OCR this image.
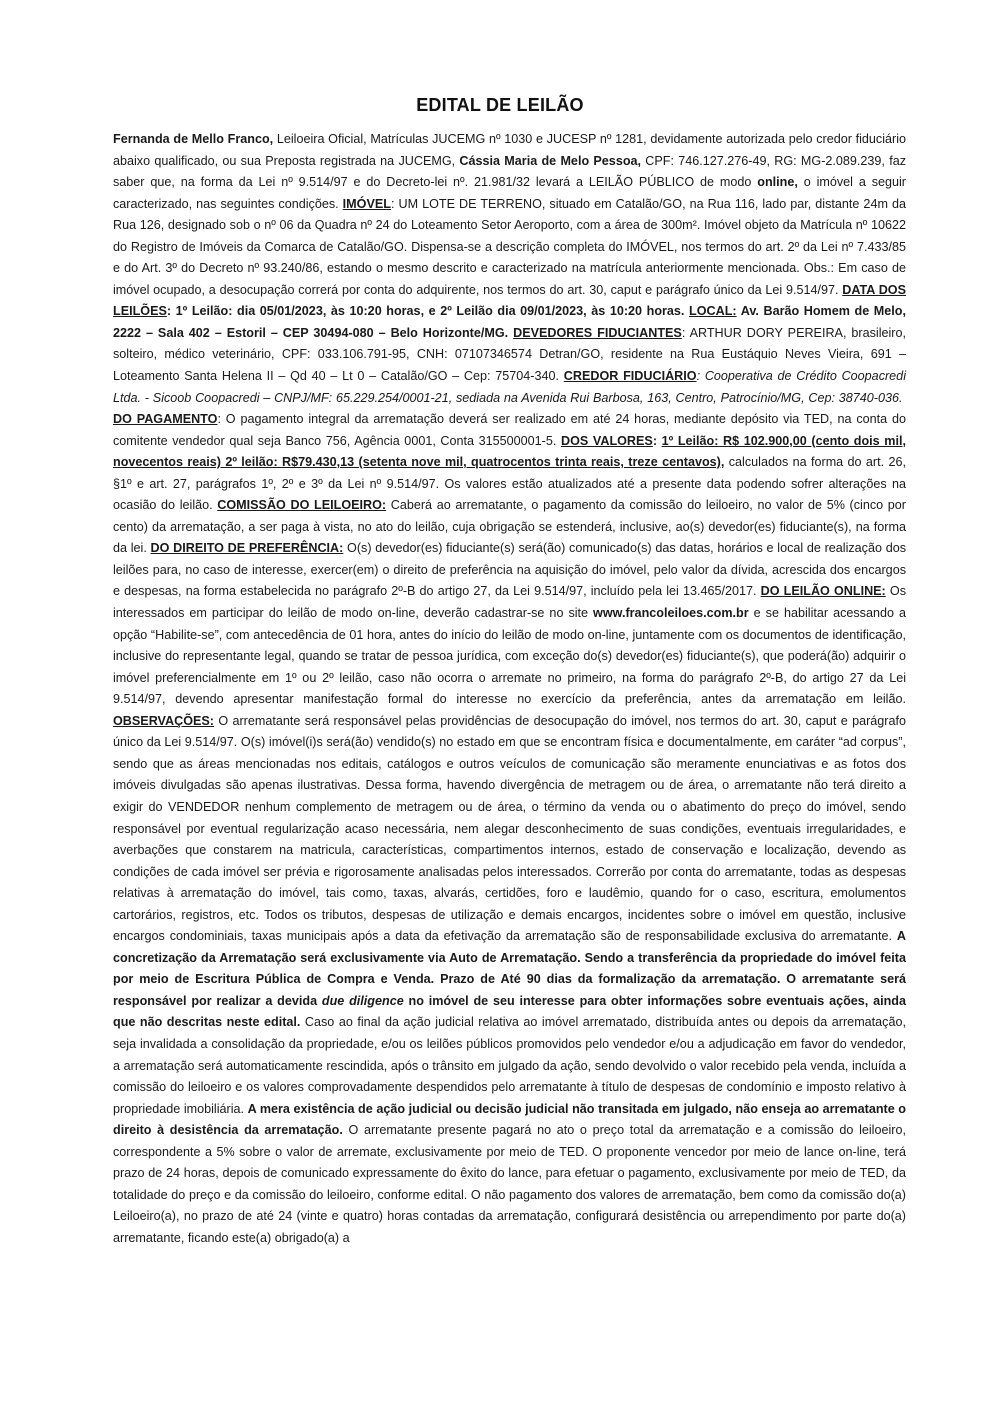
EDITAL DE LEILÃO
Fernanda de Mello Franco, Leiloeira Oficial, Matrículas JUCEMG nº 1030 e JUCESP nº 1281, devidamente autorizada pelo credor fiduciário abaixo qualificado, ou sua Preposta registrada na JUCEMG, Cássia Maria de Melo Pessoa, CPF: 746.127.276-49, RG: MG-2.089.239, faz saber que, na forma da Lei nº 9.514/97 e do Decreto-lei nº. 21.981/32 levará a LEILÃO PÚBLICO de modo online, o imóvel a seguir caracterizado, nas seguintes condições. IMÓVEL: UM LOTE DE TERRENO, situado em Catalão/GO, na Rua 116, lado par, distante 24m da Rua 126, designado sob o nº 06 da Quadra nº 24 do Loteamento Setor Aeroporto, com a área de 300m². Imóvel objeto da Matrícula nº 10622 do Registro de Imóveis da Comarca de Catalão/GO. Dispensa-se a descrição completa do IMÓVEL, nos termos do art. 2º da Lei nº 7.433/85 e do Art. 3º do Decreto nº 93.240/86, estando o mesmo descrito e caracterizado na matrícula anteriormente mencionada. Obs.: Em caso de imóvel ocupado, a desocupação correrá por conta do adquirente, nos termos do art. 30, caput e parágrafo único da Lei 9.514/97. DATA DOS LEILÕES: 1º Leilão: dia 05/01/2023, às 10:20 horas, e 2º Leilão dia 09/01/2023, às 10:20 horas. LOCAL: Av. Barão Homem de Melo, 2222 – Sala 402 – Estoril – CEP 30494-080 – Belo Horizonte/MG. DEVEDORES FIDUCIANTES: ARTHUR DORY PEREIRA, brasileiro, solteiro, médico veterinário, CPF: 033.106.791-95, CNH: 07107346574 Detran/GO, residente na Rua Eustáquio Neves Vieira, 691 – Loteamento Santa Helena II – Qd 40 – Lt 0 – Catalão/GO – Cep: 75704-340. CREDOR FIDUCIÁRIO: Cooperativa de Crédito Coopacredi Ltda. - Sicoob Coopacredi – CNPJ/MF: 65.229.254/0001-21, sediada na Avenida Rui Barbosa, 163, Centro, Patrocínio/MG, Cep: 38740-036.  DO PAGAMENTO: O pagamento integral da arrematação deverá ser realizado em até 24 horas, mediante depósito via TED, na conta do comitente vendedor qual seja Banco 756, Agência 0001, Conta 315500001-5. DOS VALORES: 1º Leilão: R$ 102.900,00 (cento dois mil, novecentos reais) 2º leilão: R$79.430,13 (setenta nove mil, quatrocentos trinta reais, treze centavos), calculados na forma do art. 26, §1º e art. 27, parágrafos 1º, 2º e 3º da Lei nº 9.514/97. Os valores estão atualizados até a presente data podendo sofrer alterações na ocasião do leilão. COMISSÃO DO LEILOEIRO: Caberá ao arrematante, o pagamento da comissão do leiloeiro, no valor de 5% (cinco por cento) da arrematação, a ser paga à vista, no ato do leilão, cuja obrigação se estenderá, inclusive, ao(s) devedor(es) fiduciante(s), na forma da lei. DO DIREITO DE PREFERÊNCIA: O(s) devedor(es) fiduciante(s) será(ão) comunicado(s) das datas, horários e local de realização dos leilões para, no caso de interesse, exercer(em) o direito de preferência na aquisição do imóvel, pelo valor da dívida, acrescida dos encargos e despesas, na forma estabelecida no parágrafo 2º-B do artigo 27, da Lei 9.514/97, incluído pela lei 13.465/2017. DO LEILÃO ONLINE: Os interessados em participar do leilão de modo on-line, deverão cadastrar-se no site www.francoleiloes.com.br e se habilitar acessando a opção “Habilite-se”, com antecedência de 01 hora, antes do início do leilão de modo on-line, juntamente com os documentos de identificação, inclusive do representante legal, quando se tratar de pessoa jurídica, com exceção do(s) devedor(es) fiduciante(s), que poderá(ão) adquirir o imóvel preferencialmente em 1º ou 2º leilão, caso não ocorra o arremate no primeiro, na forma do parágrafo 2º-B, do artigo 27 da Lei 9.514/97, devendo apresentar manifestação formal do interesse no exercício da preferência, antes da arrematação em leilão. OBSERVAÇÕES: O arrematante será responsável pelas providências de desocupação do imóvel, nos termos do art. 30, caput e parágrafo único da Lei 9.514/97. O(s) imóvel(i)s será(ão) vendido(s) no estado em que se encontram física e documentalmente, em caráter “ad corpus”, sendo que as áreas mencionadas nos editais, catálogos e outros veículos de comunicação são meramente enunciativas e as fotos dos imóveis divulgadas são apenas ilustrativas. Dessa forma, havendo divergência de metragem ou de área, o arrematante não terá direito a exigir do VENDEDOR nenhum complemento de metragem ou de área, o término da venda ou o abatimento do preço do imóvel, sendo responsável por eventual regularização acaso necessária, nem alegar desconhecimento de suas condições, eventuais irregularidades, e averbações que constarem na matricula, características, compartimentos internos, estado de conservação e localização, devendo as condições de cada imóvel ser prévia e rigorosamente analisadas pelos interessados. Correrão por conta do arrematante, todas as despesas relativas à arrematação do imóvel, tais como, taxas, alvarás, certidões, foro e laudêmio, quando for o caso, escritura, emolumentos cartorários, registros, etc. Todos os tributos, despesas de utilização e demais encargos, incidentes sobre o imóvel em questão, inclusive encargos condominiais, taxas municipais após a data da efetivação da arrematação são de responsabilidade exclusiva do arrematante. A concretização da Arrematação será exclusivamente via Auto de Arrematação. Sendo a transferência da propriedade do imóvel feita por meio de Escritura Pública de Compra e Venda. Prazo de Até 90 dias da formalização da arrematação. O arrematante será responsável por realizar a devida due diligence no imóvel de seu interesse para obter informações sobre eventuais ações, ainda que não descritas neste edital. Caso ao final da ação judicial relativa ao imóvel arrematado, distribuída antes ou depois da arrematação, seja invalidada a consolidação da propriedade, e/ou os leilões públicos promovidos pelo vendedor e/ou a adjudicação em favor do vendedor, a arrematação será automaticamente rescindida, após o trânsito em julgado da ação, sendo devolvido o valor recebido pela venda, incluída a comissão do leiloeiro e os valores comprovadamente despendidos pelo arrematante à título de despesas de condomínio e imposto relativo à propriedade imobiliária. A mera existência de ação judicial ou decisão judicial não transitada em julgado, não enseja ao arrematante o direito à desistência da arrematação. O arrematante presente pagará no ato o preço total da arrematação e a comissão do leiloeiro, correspondente a 5% sobre o valor de arremate, exclusivamente por meio de TED. O proponente vencedor por meio de lance on-line, terá prazo de 24 horas, depois de comunicado expressamente do êxito do lance, para efetuar o pagamento, exclusivamente por meio de TED, da totalidade do preço e da comissão do leiloeiro, conforme edital. O não pagamento dos valores de arrematação, bem como da comissão do(a) Leiloeiro(a), no prazo de até 24 (vinte e quatro) horas contadas da arrematação, configurará desistência ou arrependimento por parte do(a) arrematante, ficando este(a) obrigado(a) a
